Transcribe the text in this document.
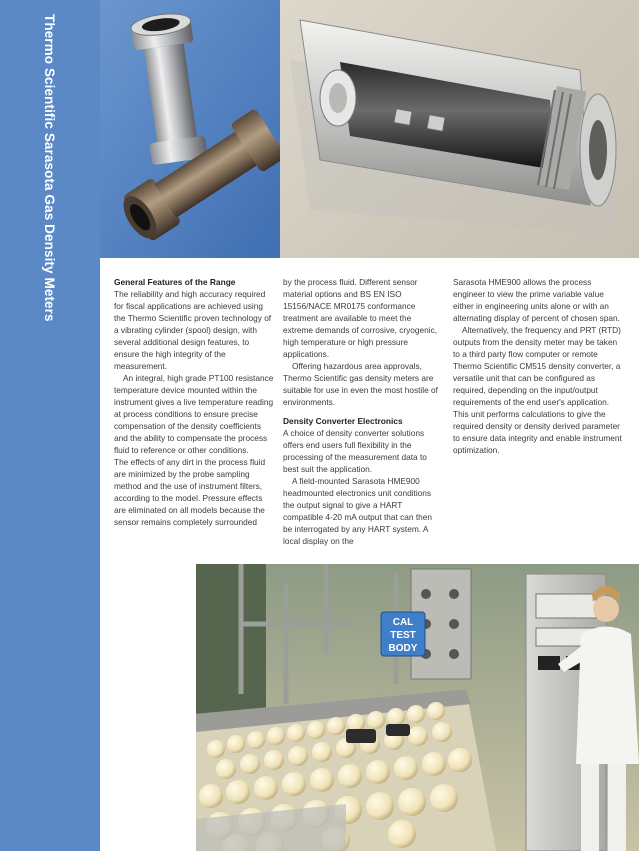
Thermo Scientific Sarasota Gas Density Meters	General Features of the Range

The reliability and high accuracy required for fiscal applications are achieved using the Thermo Scientific proven technology of a vibrating cylinder (spool) design, with several additional design features, to ensure the high integrity of the measurement.

An integral, high grade PT100 resistance temperature device mounted within the instrument gives a live temperature reading at process conditions to ensure precise compensation of the density coefficients and the ability to compensate the process fluid to reference or other conditions.

The effects of any dirt in the process fluid are minimized by the probe sampling method and the use of instrument filters, according to the model. Pressure effects are eliminated on all models because the sensor remains completely surrounded

by the process fluid. Different sensor material options and BS EN ISO 15156/NACE MR0175 conformance treatment are available to meet the extreme demands of corrosive, cryogenic, high temperature or high pressure applications.

Offering hazardous area approvals, Thermo Scientific gas density meters are suitable for use in even the most hostile of environments.

Density Converter Electronics

A choice of density converter solutions offers end users full flexibility in the processing of the measurement data to best suit the application.

A field-mounted Sarasota HME900 headmounted electronics unit conditions the output signal to give a HART compatible 4-20 mA output that can then be interrogated by any HART system. A local display on the

Sarasota HME900 allows the process engineer to view the prime variable value either in engineering units alone or with an alternating display of percent of chosen span.

Alternatively, the frequency and PRT (RTD) outputs from the density meter may be taken to a third party flow computer or remote Thermo Scientific CM515 density converter, a versatile unit that can be configured as required, depending on the input/output requirements of the end user's application. This unit performs calculations to give the required density or density derived parameter to ensure data integrity and enable instrument optimization.

CAL
TEST
BODY
